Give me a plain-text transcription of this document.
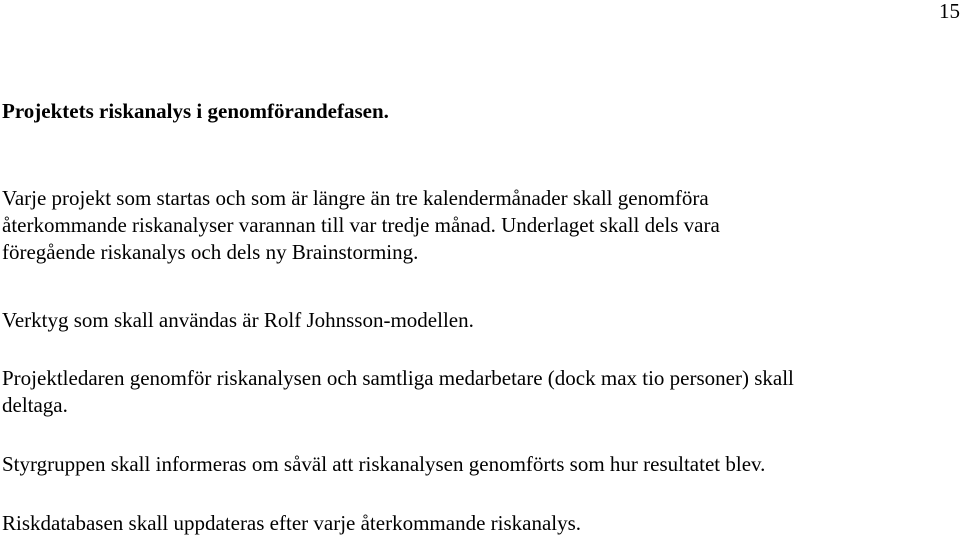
15
Projektets riskanalys i genomförandefasen.

Varje projekt som startas och som är längre än tre kalendermånader skall genomföra
återkommande riskanalyser varannan till var tredje månad. Underlaget skall dels vara
föregående riskanalys och dels ny Brainstorming.

Verktyg som skall användas är Rolf Johnsson-modellen.

Projektledaren genomför riskanalysen och samtliga medarbetare (dock max tio personer) skall
deltaga.

Styrgruppen skall informeras om såväl att riskanalysen genomförts som hur resultatet blev.

Riskdatabasen skall uppdateras efter varje återkommande riskanalys.
